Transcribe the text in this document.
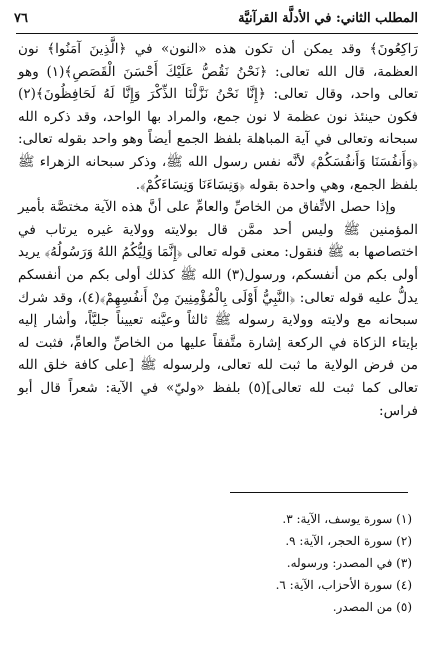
المطلب الثاني: في الأدلَّة القرآنيَّة
٧٦

رَاكِعُونَ﴾ وقد يمكن أن تكون هذه «النون» في ﴿الَّذِينَ آمَنُوا﴾ نون العظمة، قال الله تعالى: ﴿نَحْنُ نَقُصُّ عَلَيْكَ أَحْسَنَ الْقَصَصِ﴾(١) وهو تعالى واحد، وقال تعالى: ﴿إِنَّا نَحْنُ نَزَّلْنَا الذِّكْرَ وَإِنَّا لَهُ لَحَافِظُونَ﴾(٢) فكون حينئذ نون عظمة لا نون جمع، والمراد بها الواحد، وقد ذكره الله سبحانه وتعالى في آية المباهلة بلفظ الجمع أيضاً وهو واحد بقوله تعالى: ﴿وَأَنفُسَنَا وَأَنفُسَكُمْ﴾ لأنَّه نفس رسول الله ﷺ، وذكر سبحانه الزهراء ﷺ بلفظ الجمع، وهي واحدة بقوله ﴿وَنِسَاءَنَا وَنِسَاءَكُمْ﴾.

وإذا حصل الاتِّفاق من الخاصِّ والعامِّ على أنَّ هذه الآية مختصَّة بأمير المؤمنين ﷺ وليس أحد ممَّن قال بولايته وولاية غيره يرتاب في اختصاصها به ﷺ فنقول: معنى قوله تعالى ﴿إِنَّمَا وَلِيُّكُمُ اللهُ وَرَسُولُهُ﴾ يريد أولى بكم من أنفسكم، ورسول(٣) الله ﷺ كذلك أولى بكم من أنفسكم يدلُّ عليه قوله تعالى: ﴿النَّبِيُّ أَوْلَى بِالْمُؤْمِنِينَ مِنْ أَنفُسِهِمْ﴾(٤)، وقد شرك سبحانه مع ولايته وولاية رسوله ﷺ ثالثاً وعيَّنه تعييناً جليَّاً، وأشار إليه بإيتاء الزكاة في الركعة إشارة متَّفقاً عليها من الخاصِّ والعامِّ، فثبت له من فرض الولاية ما ثبت لله تعالى، ولرسوله ﷺ [على كافة خلق الله تعالى كما ثبت لله تعالى](٥) بلفظ «وليّ» في الآية: شعراً قال أبو فراس:

(١) سورة يوسف، الآية: ٣.
(٢) سورة الحجر، الآية: ٩.
(٣) في المصدر: ورسوله.
(٤) سورة الأحزاب، الآية: ٦.
(٥) من المصدر.
